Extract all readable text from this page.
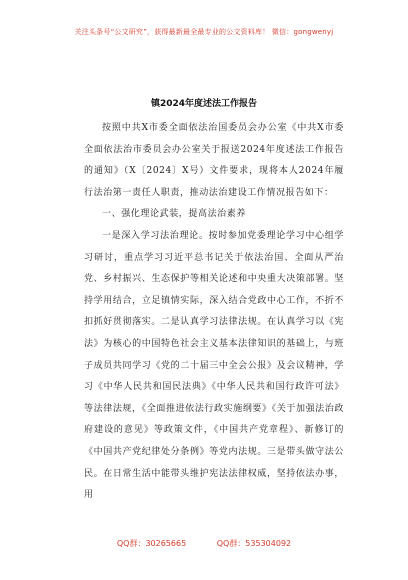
关注头条号“公文研究”，获得最新最全最专业的公文资料库！ 微信：gongwenyj
镇2024年度述法工作报告

按照中共X市委全面依法治国委员会办公室《中共X市委全面依法治市委员会办公室关于报送2024年度述法工作报告的通知》（X〔2024〕X号）文件要求，现将本人2024年履行法治第一责任人职责，推动法治建设工作情况报告如下：

一、强化理论武装，提高法治素养

一是深入学习法治理论。按时参加党委理论学习中心组学习研讨，重点学习习近平总书记关于依法治国、全面从严治党、乡村振兴、生态保护等相关论述和中央重大决策部署。坚持学用结合，立足镇情实际，深入结合党政中心工作，不折不扣抓好贯彻落实。二是认真学习法律法规。在认真学习以《宪法》为核心的中国特色社会主义基本法律知识的基础上，与班子成员共同学习《党的二十届三中全会公报》及会议精神，学习《中华人民共和国民法典》《中华人民共和国行政许可法》等法律法规，《全面推进依法行政实施纲要》《关于加强法治政府建设的意见》等政策文件，《中国共产党章程》、新修订的《中国共产党纪律处分条例》等党内法规。三是带头做守法公民。在日常生活中能带头维护宪法法律权威，坚持依法办事，用

QQ群：30265665	QQ群：535304092
